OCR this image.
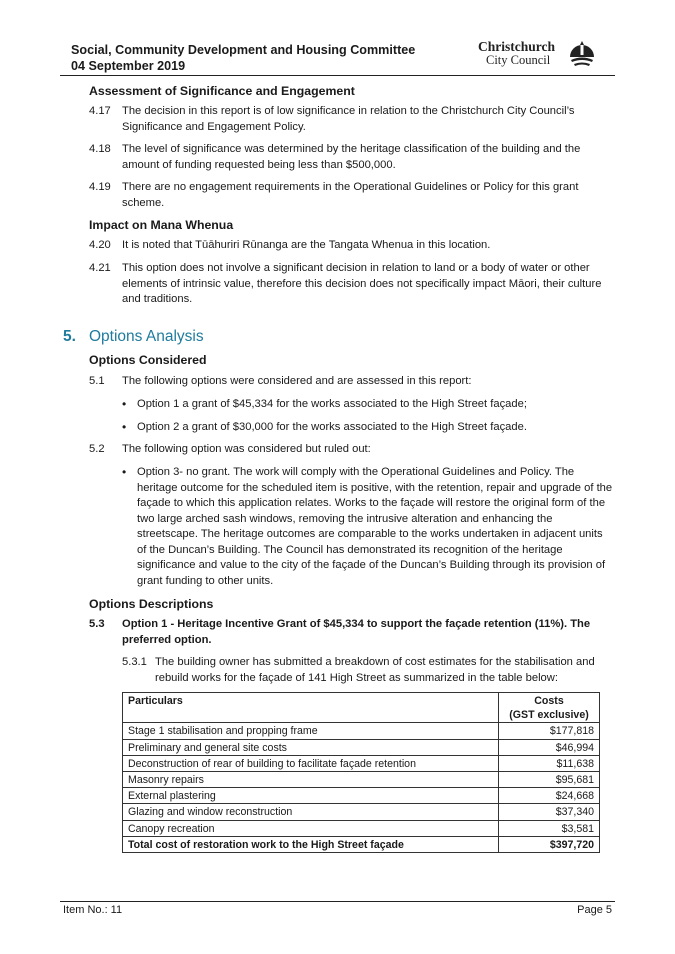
Social, Community Development and Housing Committee
04 September 2019
Christchurch
City Council
Assessment of Significance and Engagement
4.17	The decision in this report is of low significance in relation to the Christchurch City Council’s Significance and Engagement Policy.
4.18	The level of significance was determined by the heritage classification of the building and the amount of funding requested being less than $500,000.
4.19	There are no engagement requirements in the Operational Guidelines or Policy for this grant scheme.
Impact on Mana Whenua
4.20	It is noted that Tūāhuriri Rūnanga are the Tangata Whenua in this location.
4.21	This option does not involve a significant decision in relation to land or a body of water or other elements of intrinsic value, therefore this decision does not specifically impact Māori, their culture and traditions.
5. Options Analysis
Options Considered
5.1	The following options were considered and are assessed in this report:
• Option 1 a grant of $45,334 for the works associated to the High Street façade;
• Option 2 a grant of $30,000 for the works associated to the High Street façade.
5.2	The following option was considered but ruled out:
• Option 3- no grant. The work will comply with the Operational Guidelines and Policy. The heritage outcome for the scheduled item is positive, with the retention, repair and upgrade of the façade to which this application relates. Works to the façade will restore the original form of the two large arched sash windows, removing the intrusive alteration and enhancing the streetscape. The heritage outcomes are comparable to the works undertaken in adjacent units of the Duncan’s Building. The Council has demonstrated its recognition of the heritage significance and value to the city of the façade of the Duncan’s Building through its provision of grant funding to other units.
Options Descriptions
5.3	Option 1 - Heritage Incentive Grant of $45,334 to support the façade retention (11%). The preferred option.
5.3.1 The building owner has submitted a breakdown of cost estimates for the stabilisation and rebuild works for the façade of 141 High Street as summarized in the table below:
Particulars	Costs
(GST exclusive)

Stage 1 stabilisation and propping frame	$177,818
Preliminary and general site costs	$46,994
Deconstruction of rear of building to facilitate façade retention	$11,638
Masonry repairs	$95,681
External plastering	$24,668
Glazing and window reconstruction	$37,340
Canopy recreation	$3,581
Total cost of restoration work to the High Street façade	$397,720
Item No.: 11	Page 5
